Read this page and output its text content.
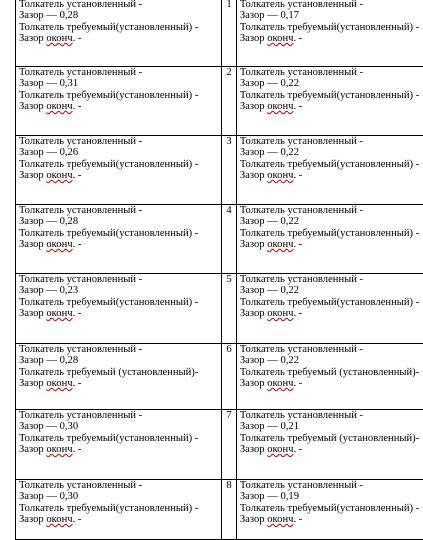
Толкатель установленный -
Зазор — 0,28
Толкатель требуемый(установленный) -
Зазор оконч. -	1	Толкатель установленный -
Зазор — 0,17
Толкатель требуемый(установленный) -
Зазор оконч. -

Толкатель установленный -
Зазор — 0,31
Толкатель требуемый(установленный) -
Зазор оконч. -	2	Толкатель установленный -
Зазор — 0,22
Толкатель требуемый(установленный) -
Зазор оконч. -

Толкатель установленный -
Зазор — 0,26
Толкатель требуемый(установленный) -
Зазор оконч. -	3	Толкатель установленный -
Зазор — 0,22
Толкатель требуемый(установленный) -
Зазор оконч. -

Толкатель установленный -
Зазор — 0,28
Толкатель требуемый(установленный) -
Зазор оконч. -	4	Толкатель установленный -
Зазор — 0,22
Толкатель требуемый(установленный) -
Зазор оконч. -

Толкатель установленный -
Зазор — 0,23
Толкатель требуемый(установленный) -
Зазор оконч. -	5	Толкатель установленный -
Зазор — 0,22
Толкатель требуемый(установленный) -
Зазор оконч. -

Толкатель установленный -
Зазор — 0,28
Толкатель требуемый (установленный)-
Зазор оконч. -	6	Толкатель установленный -
Зазор — 0,22
Толкатель требуемый (установленный)-
Зазор оконч. -

Толкатель установленный -
Зазор — 0,30
Толкатель требуемый(установленный) -
Зазор оконч. -	7	Толкатель установленный -
Зазор — 0,21
Толкатель требуемый (установленный)-
Зазор оконч. -

Толкатель установленный -
Зазор — 0,30
Толкатель требуемый(установленный) -
Зазор оконч. -	8	Толкатель установленный -
Зазор — 0,19
Толкатель требуемый(установленный) -
Зазор оконч. -
